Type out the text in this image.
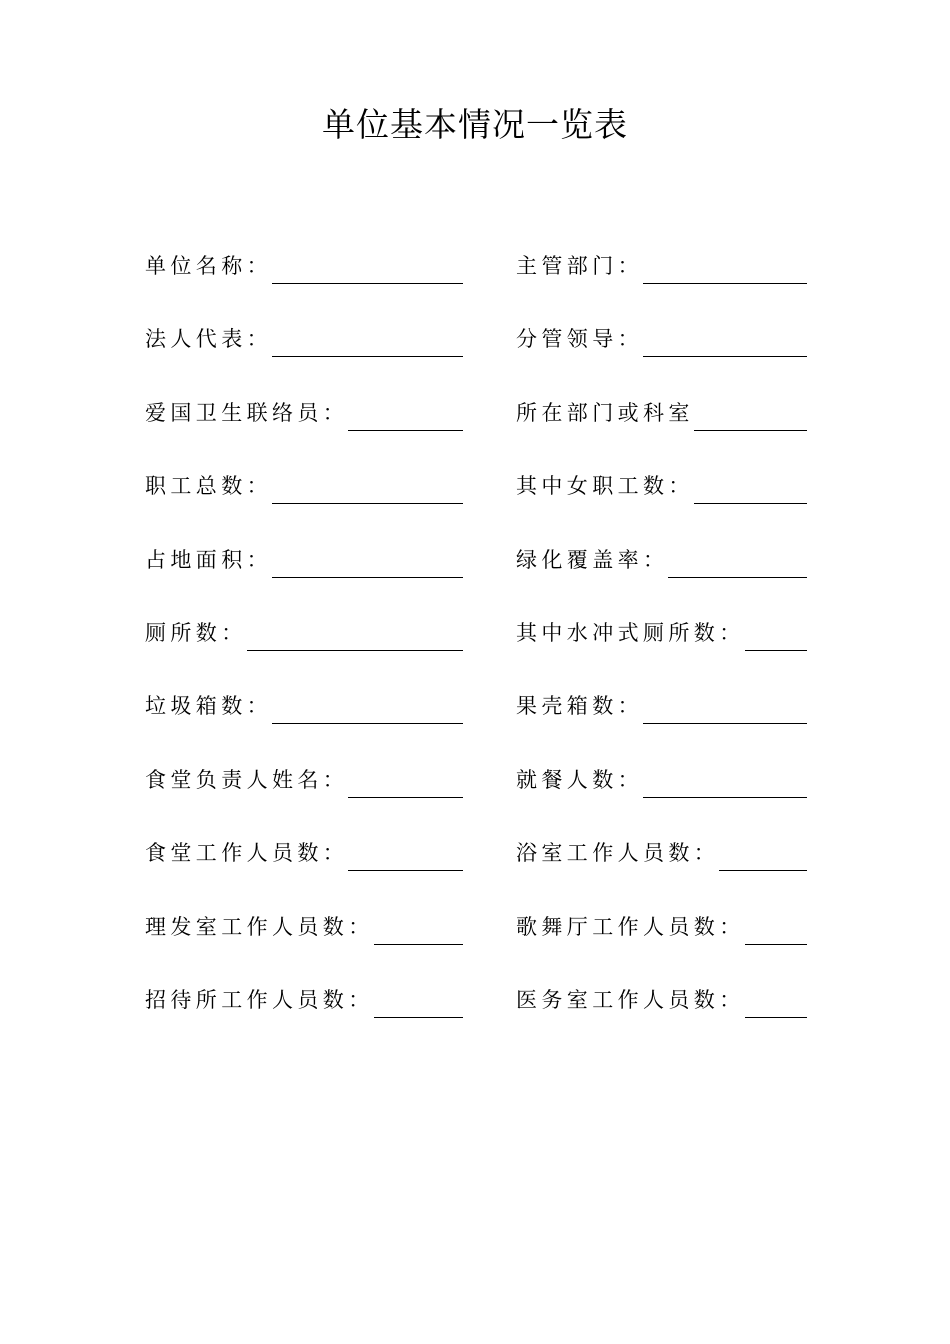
单位基本情况一览表
单位名称：	主管部门：
法人代表：	分管领导：
爱国卫生联络员：	所在部门或科室
职工总数：	其中女职工数：
占地面积：	绿化覆盖率：
厕所数：	其中水冲式厕所数：
垃圾箱数：	果壳箱数：
食堂负责人姓名：	就餐人数：
食堂工作人员数：	浴室工作人员数：
理发室工作人员数：	歌舞厅工作人员数：
招待所工作人员数：	医务室工作人员数：
